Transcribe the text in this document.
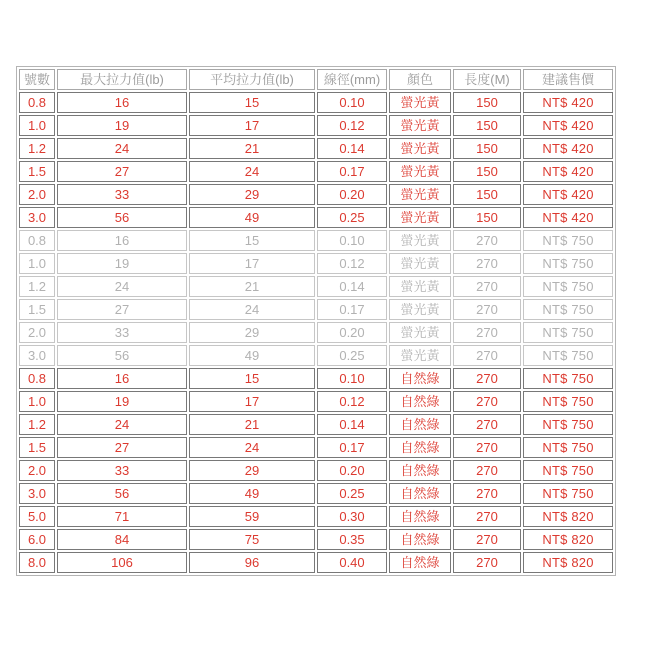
號數	最大拉力值(lb)	平均拉力值(lb)	線徑(mm)	顏色	長度(M)	建議售價
0.8	16	15	0.10	螢光黃	150	NT$ 420
1.0	19	17	0.12	螢光黃	150	NT$ 420
1.2	24	21	0.14	螢光黃	150	NT$ 420
1.5	27	24	0.17	螢光黃	150	NT$ 420
2.0	33	29	0.20	螢光黃	150	NT$ 420
3.0	56	49	0.25	螢光黃	150	NT$ 420
0.8	16	15	0.10	螢光黃	270	NT$ 750
1.0	19	17	0.12	螢光黃	270	NT$ 750
1.2	24	21	0.14	螢光黃	270	NT$ 750
1.5	27	24	0.17	螢光黃	270	NT$ 750
2.0	33	29	0.20	螢光黃	270	NT$ 750
3.0	56	49	0.25	螢光黃	270	NT$ 750
0.8	16	15	0.10	自然綠	270	NT$ 750
1.0	19	17	0.12	自然綠	270	NT$ 750
1.2	24	21	0.14	自然綠	270	NT$ 750
1.5	27	24	0.17	自然綠	270	NT$ 750
2.0	33	29	0.20	自然綠	270	NT$ 750
3.0	56	49	0.25	自然綠	270	NT$ 750
5.0	71	59	0.30	自然綠	270	NT$ 820
6.0	84	75	0.35	自然綠	270	NT$ 820
8.0	106	96	0.40	自然綠	270	NT$ 820
